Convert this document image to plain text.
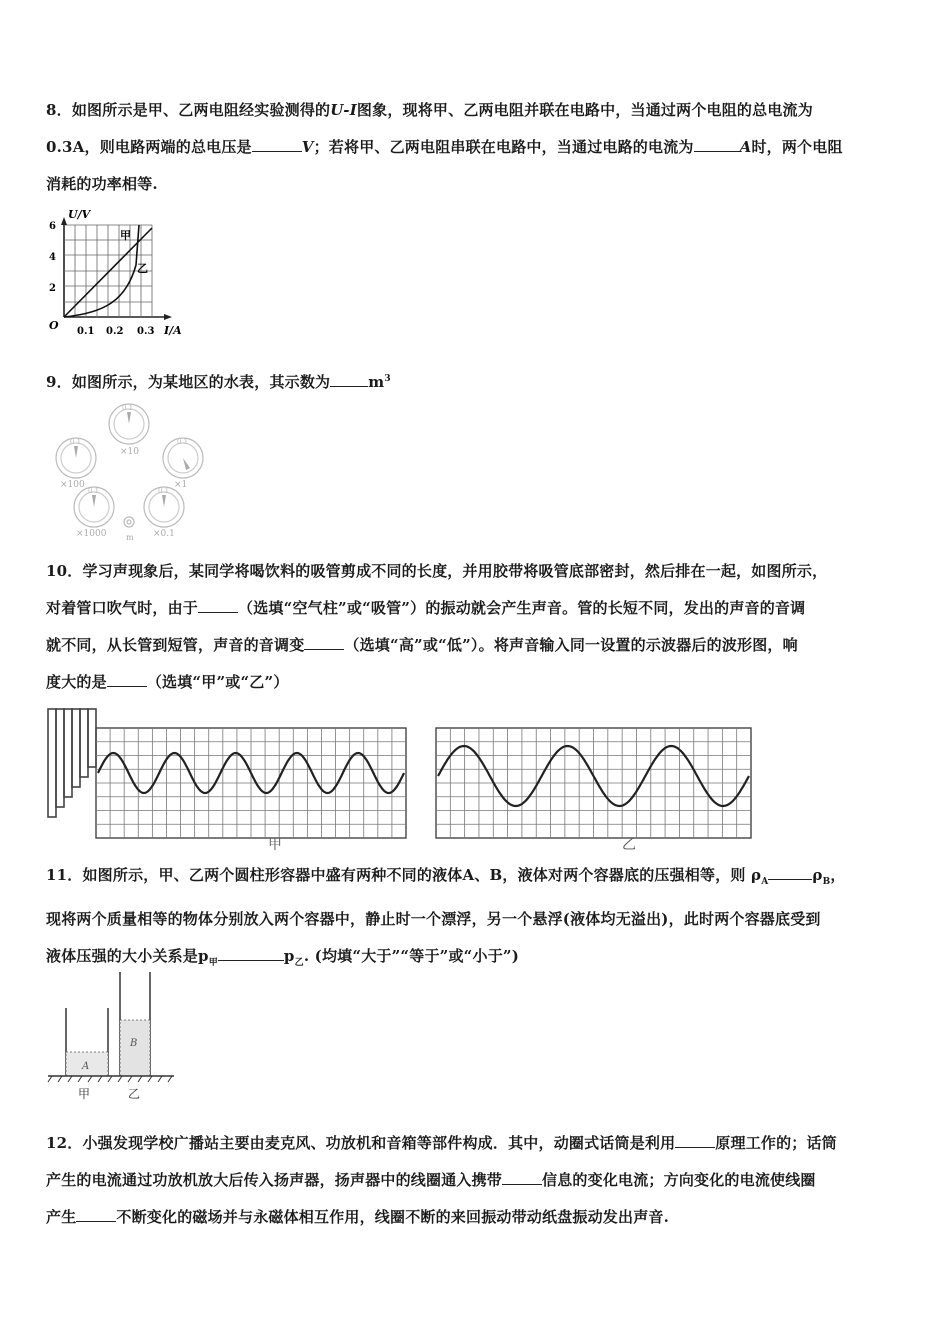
8．如图所示是甲、乙两电阻经实验测得的U-I图象，现将甲、乙两电阻并联在电路中，当通过两个电阻的总电流为

0.3A，则电路两端的总电压是	V；若将甲、乙两电阻串联在电路中，当通过电路的电流为	A时，两个电阻

消耗的功率相等.

U/V
6
4
2
O 0.1 0.2 0.3 I/A
甲
乙

9．如图所示，为某地区的水表，其示数为	$m^3$

0 1
0 1	0 1
0 1	0 1
×10
×100	×1
×1000	×0.1
m

10．学习声现象后，某同学将喝饮料的吸管剪成不同的长度，并用胶带将吸管底部密封，然后排在一起，如图所示，

对着管口吹气时，由于	（选填“空气柱”或“吸管”）的振动就会产生声音。管的长短不同，发出的声音的音调

就不同，从长管到短管，声音的音调变	（选填“高”或“低”）。将声音输入同一设置的示波器后的波形图，响

度大的是	（选填“甲”或“乙”）

甲	乙

11．如图所示，甲、乙两个圆柱形容器中盛有两种不同的液体A、B，液体对两个容器底的压强相等，则 $\rho_A$	$\rho_B$，

现将两个质量相等的物体分别放入两个容器中，静止时一个漂浮，另一个悬浮(液体均无溢出)，此时两个容器底受到

液体压强的大小关系是$p_甲$	$p_乙$. (均填“大于”“等于”或“小于”)

A
B
甲	乙

12．小强发现学校广播站主要由麦克风、功放机和音箱等部件构成．其中，动圈式话筒是利用	原理工作的；话筒

产生的电流通过功放机放大后传入扬声器，扬声器中的线圈通入携带	信息的变化电流；方向变化的电流使线圈

产生	不断变化的磁场并与永磁体相互作用，线圈不断的来回振动带动纸盘振动发出声音.
